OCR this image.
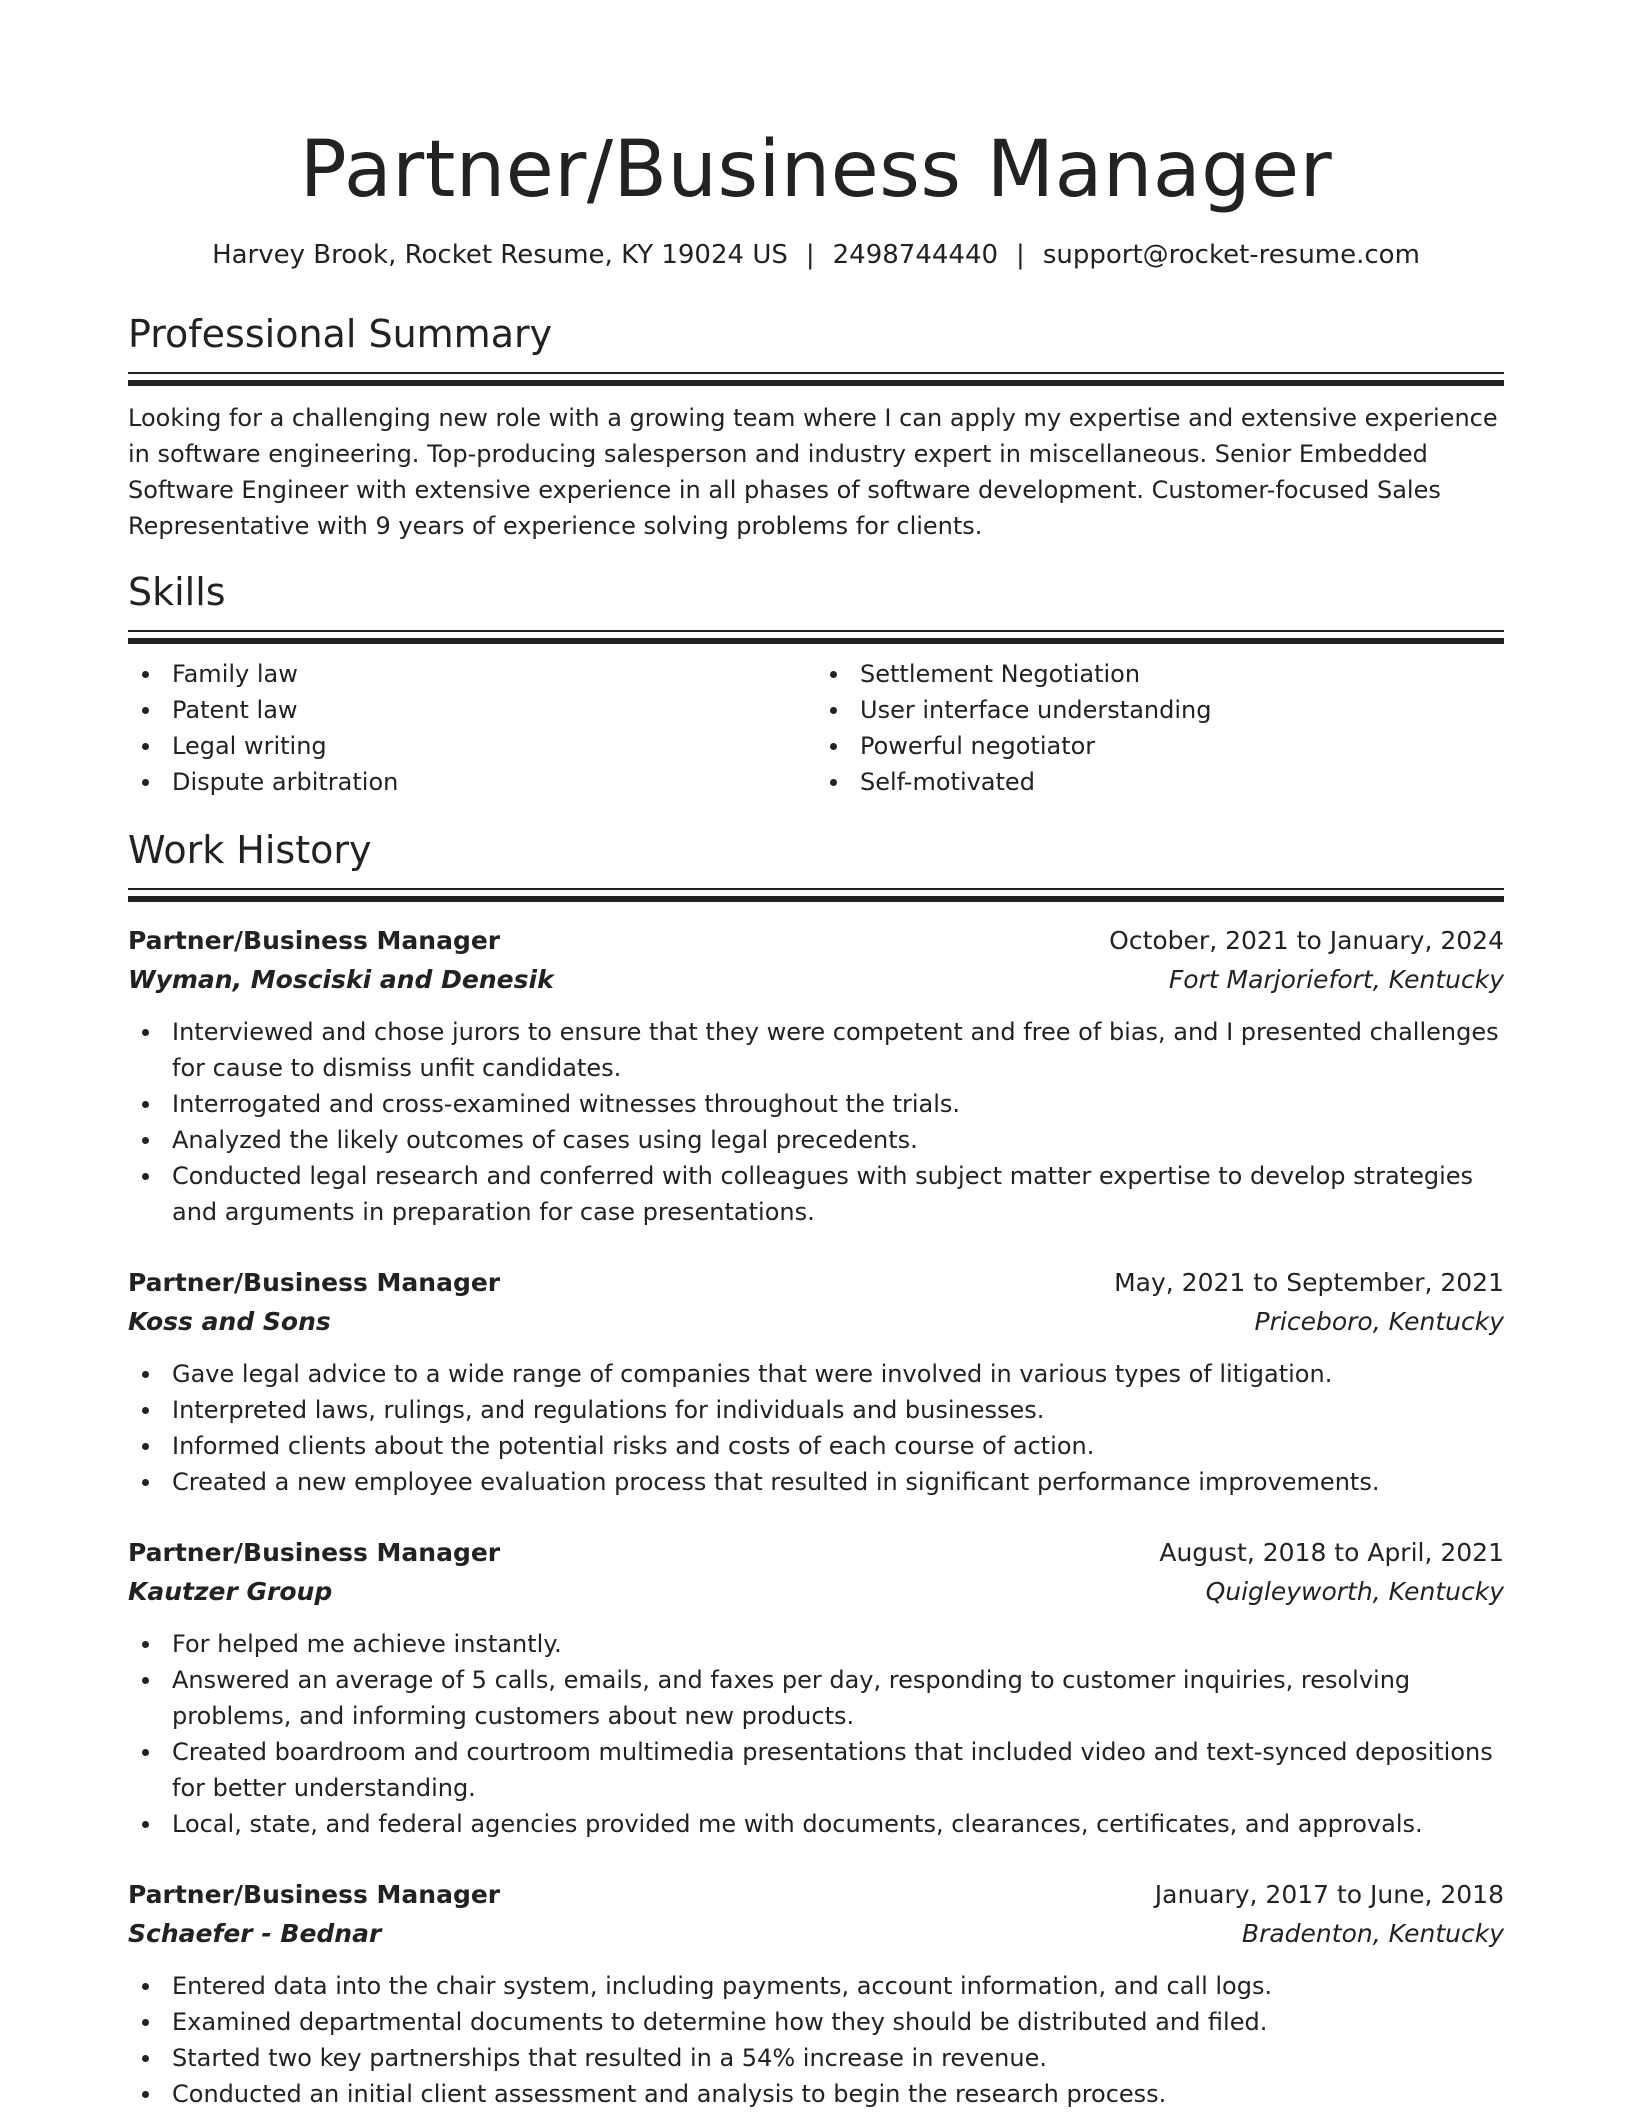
Partner/Business Manager
Harvey Brook, Rocket Resume, KY 19024 US | 2498744440 | support@rocket-resume.com
Professional Summary

Looking for a challenging new role with a growing team where I can apply my expertise and extensive experience in software engineering. Top-producing salesperson and industry expert in miscellaneous. Senior Embedded Software Engineer with extensive experience in all phases of software development. Customer-focused Sales Representative with 9 years of experience solving problems for clients.

Skills
Family law
Patent law
Legal writing
Dispute arbitration
Settlement Negotiation
User interface understanding
Powerful negotiator
Self-motivated
Work History
Partner/Business Manager	October, 2021 to January, 2024
Wyman, Mosciski and Denesik	Fort Marjoriefort, Kentucky
Interviewed and chose jurors to ensure that they were competent and free of bias, and I presented challenges for cause to dismiss unfit candidates.
Interrogated and cross-examined witnesses throughout the trials.
Analyzed the likely outcomes of cases using legal precedents.
Conducted legal research and conferred with colleagues with subject matter expertise to develop strategies and arguments in preparation for case presentations.
Partner/Business Manager	May, 2021 to September, 2021
Koss and Sons	Priceboro, Kentucky
Gave legal advice to a wide range of companies that were involved in various types of litigation.
Interpreted laws, rulings, and regulations for individuals and businesses.
Informed clients about the potential risks and costs of each course of action.
Created a new employee evaluation process that resulted in significant performance improvements.
Partner/Business Manager	August, 2018 to April, 2021
Kautzer Group	Quigleyworth, Kentucky
For helped me achieve instantly.
Answered an average of 5 calls, emails, and faxes per day, responding to customer inquiries, resolving problems, and informing customers about new products.
Created boardroom and courtroom multimedia presentations that included video and text-synced depositions for better understanding.
Local, state, and federal agencies provided me with documents, clearances, certificates, and approvals.
Partner/Business Manager	January, 2017 to June, 2018
Schaefer - Bednar	Bradenton, Kentucky
Entered data into the chair system, including payments, account information, and call logs.
Examined departmental documents to determine how they should be distributed and filed.
Started two key partnerships that resulted in a 54% increase in revenue.
Conducted an initial client assessment and analysis to begin the research process.
